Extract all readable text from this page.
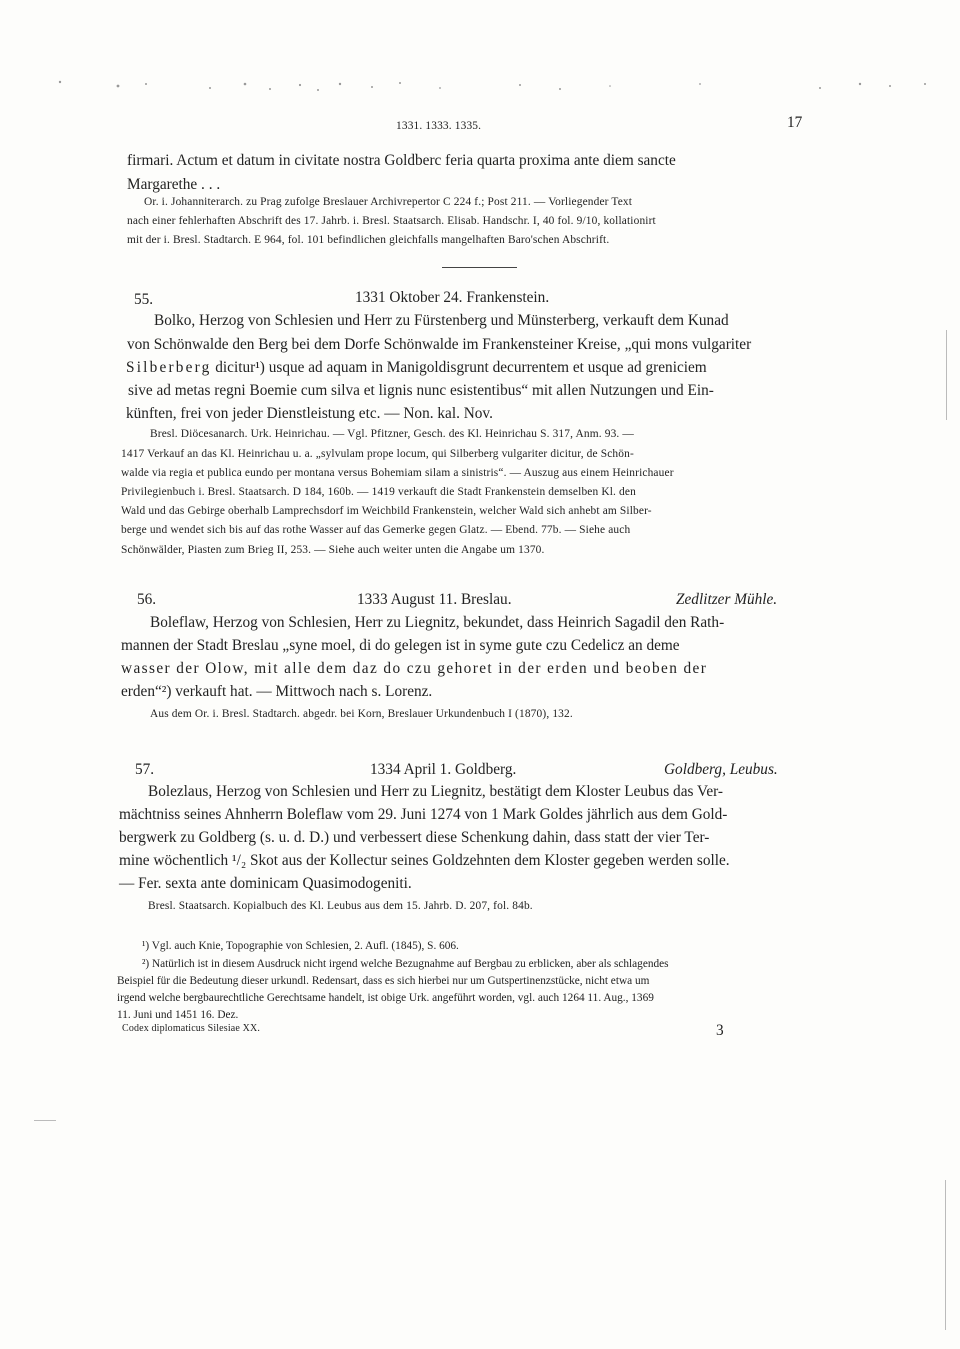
1331. 1333. 1335.	17
firmari. Actum et datum in civitate nostra Goldberc feria quarta proxima ante diem sancte
Margarethe . . .
Or. i. Johanniterarch. zu Prag zufolge Breslauer Archivrepertor C 224 f.; Post 211. — Vorliegender Text
nach einer fehlerhaften Abschrift des 17. Jahrb. i. Bresl. Staatsarch. Elisab. Handschr. I, 40 fol. 9/10, kollationirt
mit der i. Bresl. Stadtarch. E 964, fol. 101 befindlichen gleichfalls mangelhaften Baro'schen Abschrift.
55.	1331 Oktober 24. Frankenstein.
Bolko, Herzog von Schlesien und Herr zu Fürstenberg und Münsterberg, verkauft dem Kunad
von Schönwalde den Berg bei dem Dorfe Schönwalde im Frankensteiner Kreise, „qui mons vulgariter
Silberberg dicitur¹) usque ad aquam in Manigoldisgrunt decurrentem et usque ad greniciem
sive ad metas regni Boemie cum silva et lignis nunc esistentibus“ mit allen Nutzungen und Ein-
künften, frei von jeder Dienstleistung etc. — Non. kal. Nov.
Bresl. Diöcesanarch. Urk. Heinrichau. — Vgl. Pfitzner, Gesch. des Kl. Heinrichau S. 317, Anm. 93. —
1417 Verkauf an das Kl. Heinrichau u. a. „sylvulam prope locum, qui Silberberg vulgariter dicitur, de Schön-
walde via regia et publica eundo per montana versus Bohemiam silam a sinistris“. — Auszug aus einem Heinrichauer
Privilegienbuch i. Bresl. Staatsarch. D 184, 160b. — 1419 verkauft die Stadt Frankenstein demselben Kl. den
Wald und das Gebirge oberhalb Lamprechsdorf im Weichbild Frankenstein, welcher Wald sich anhebt am Silber-
berge und wendet sich bis auf das rothe Wasser auf das Gemerke gegen Glatz. — Ebend. 77b. — Siehe auch
Schönwälder, Piasten zum Brieg II, 253. — Siehe auch weiter unten die Angabe um 1370.
56.	1333 August 11. Breslau.	Zedlitzer Mühle.
Boleflaw, Herzog von Schlesien, Herr zu Liegnitz, bekundet, dass Heinrich Sagadil den Rath-
mannen der Stadt Breslau „syne moel, di do gelegen ist in syme gute czu Cedelicz an deme
wasser der Olow, mit alle dem daz do czu gehoret in der erden und beoben der
erden“²) verkauft hat. — Mittwoch nach s. Lorenz.
Aus dem Or. i. Bresl. Stadtarch. abgedr. bei Korn, Breslauer Urkundenbuch I (1870), 132.
57.	1334 April 1. Goldberg.	Goldberg, Leubus.
Bolezlaus, Herzog von Schlesien und Herr zu Liegnitz, bestätigt dem Kloster Leubus das Ver-
mächtniss seines Ahnherrn Boleflaw vom 29. Juni 1274 von 1 Mark Goldes jährlich aus dem Gold-
bergwerk zu Goldberg (s. u. d. D.) und verbessert diese Schenkung dahin, dass statt der vier Ter-
mine wöchentlich ¹/₂ Skot aus der Kollectur seines Goldzehnten dem Kloster gegeben werden solle.
— Fer. sexta ante dominicam Quasimodogeniti.
Bresl. Staatsarch. Kopialbuch des Kl. Leubus aus dem 15. Jahrb. D. 207, fol. 84b.
¹) Vgl. auch Knie, Topographie von Schlesien, 2. Aufl. (1845), S. 606.
²) Natürlich ist in diesem Ausdruck nicht irgend welche Bezugnahme auf Bergbau zu erblicken, aber als schlagendes
Beispiel für die Bedeutung dieser urkundl. Redensart, dass es sich hierbei nur um Gutspertinenzstücke, nicht etwa um
irgend welche bergbaurechtliche Gerechtsame handelt, ist obige Urk. angeführt worden, vgl. auch 1264 11. Aug., 1369
11. Juni und 1451 16. Dez.
Codex diplomaticus Silesiae XX.	3
